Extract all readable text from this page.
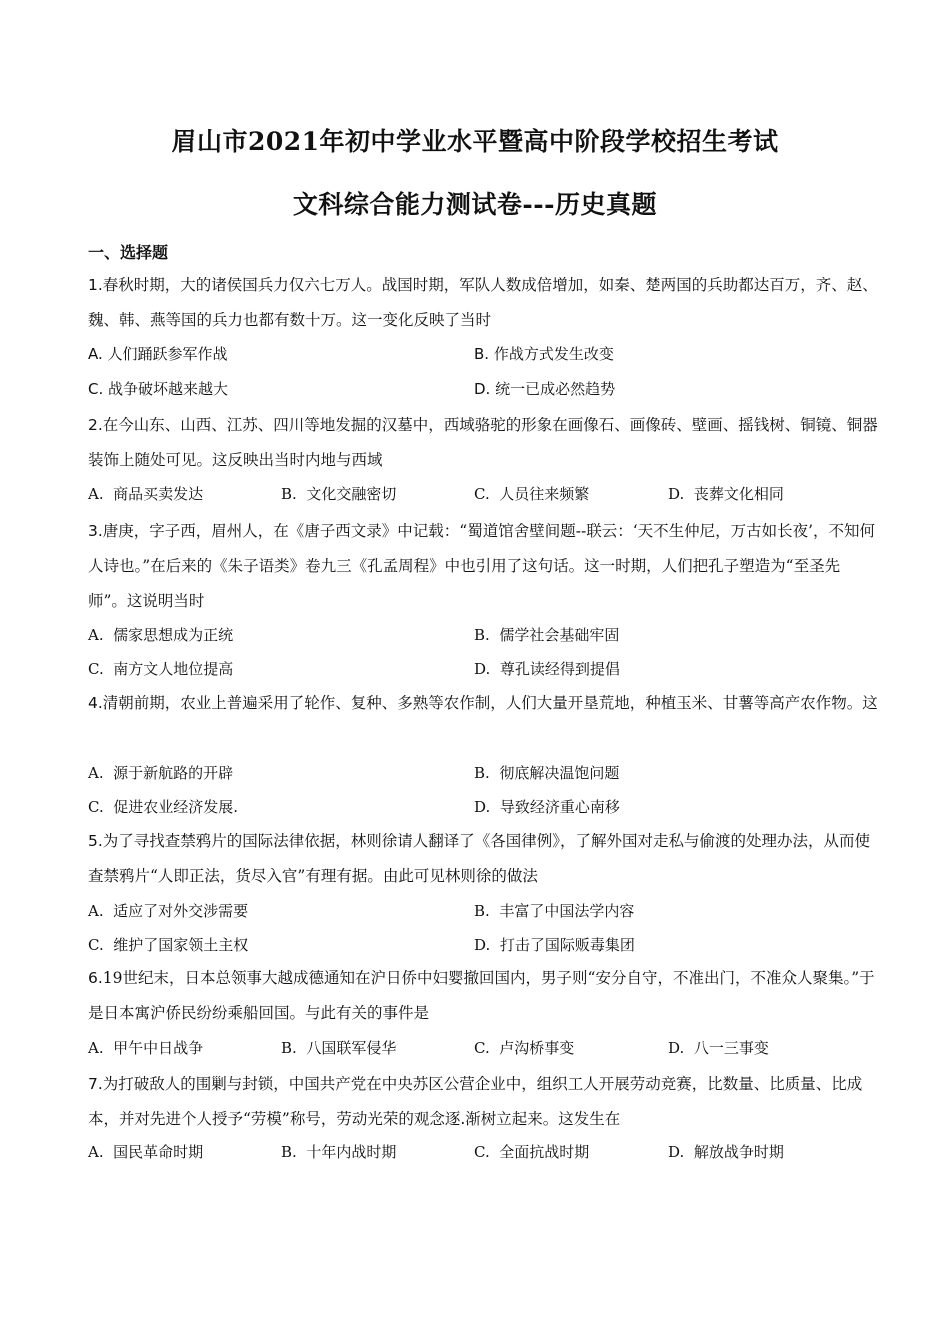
眉山市2021年初中学业水平暨高中阶段学校招生考试
文科综合能力测试卷---历史真题
一、选择题
1.春秋时期，大的诸侯国兵力仅六七万人。战国时期，军队人数成倍增加，如秦、楚两国的兵助都达百万，齐、赵、魏、韩、燕等国的兵力也都有数十万。这一变化反映了当时
A. 人们踊跃参军作战	B. 作战方式发生改变
C. 战争破坏越来越大	D. 统一已成必然趋势
2.在今山东、山西、江苏、四川等地发掘的汉墓中，西域骆驼的形象在画像石、画像砖、壁画、摇钱树、铜镜、铜器装饰上随处可见。这反映出当时内地与西域
A. 商品买卖发达	B. 文化交融密切	C. 人员往来频繁	D. 丧葬文化相同
3.唐庚，字子西，眉州人，在《唐子西文录》中记载：“蜀道馆舍壁间题--联云：‘天不生仲尼，万古如长夜’，不知何人诗也。”在后来的《朱子语类》卷九三《孔孟周程》中也引用了这句话。这一时期，人们把孔子塑造为“至圣先师”。这说明当时
A. 儒家思想成为正统	B. 儒学社会基础牢固
C. 南方文人地位提高	D. 尊孔读经得到提倡
4.清朝前期，农业上普遍采用了轮作、复种、多熟等农作制，人们大量开垦荒地，种植玉米、甘薯等高产农作物。这
A. 源于新航路的开辟	B. 彻底解决温饱问题
C. 促进农业经济发展.	D. 导致经济重心南移
5.为了寻找查禁鸦片的国际法律依据，林则徐请人翻译了《各国律例》，了解外国对走私与偷渡的处理办法，从而使查禁鸦片“人即正法，货尽入官”有理有据。由此可见林则徐的做法
A. 适应了对外交涉需要	B. 丰富了中国法学内容
C. 维护了国家领土主权	D. 打击了国际贩毒集团
6.19世纪末，日本总领事大越成德通知在沪日侨中妇婴撤回国内，男子则“安分自守，不准出门，不准众人聚集。”于是日本寓沪侨民纷纷乘船回国。与此有关的事件是
A. 甲午中日战争	B. 八国联军侵华	C. 卢沟桥事变	D. 八一三事变
7.为打破敌人的围剿与封锁，中国共产党在中央苏区公营企业中，组织工人开展劳动竞赛，比数量、比质量、比成本，并对先进个人授予“劳模”称号，劳动光荣的观念逐.渐树立起来。这发生在
A. 国民革命时期	B. 十年内战时期	C. 全面抗战时期	D. 解放战争时期
